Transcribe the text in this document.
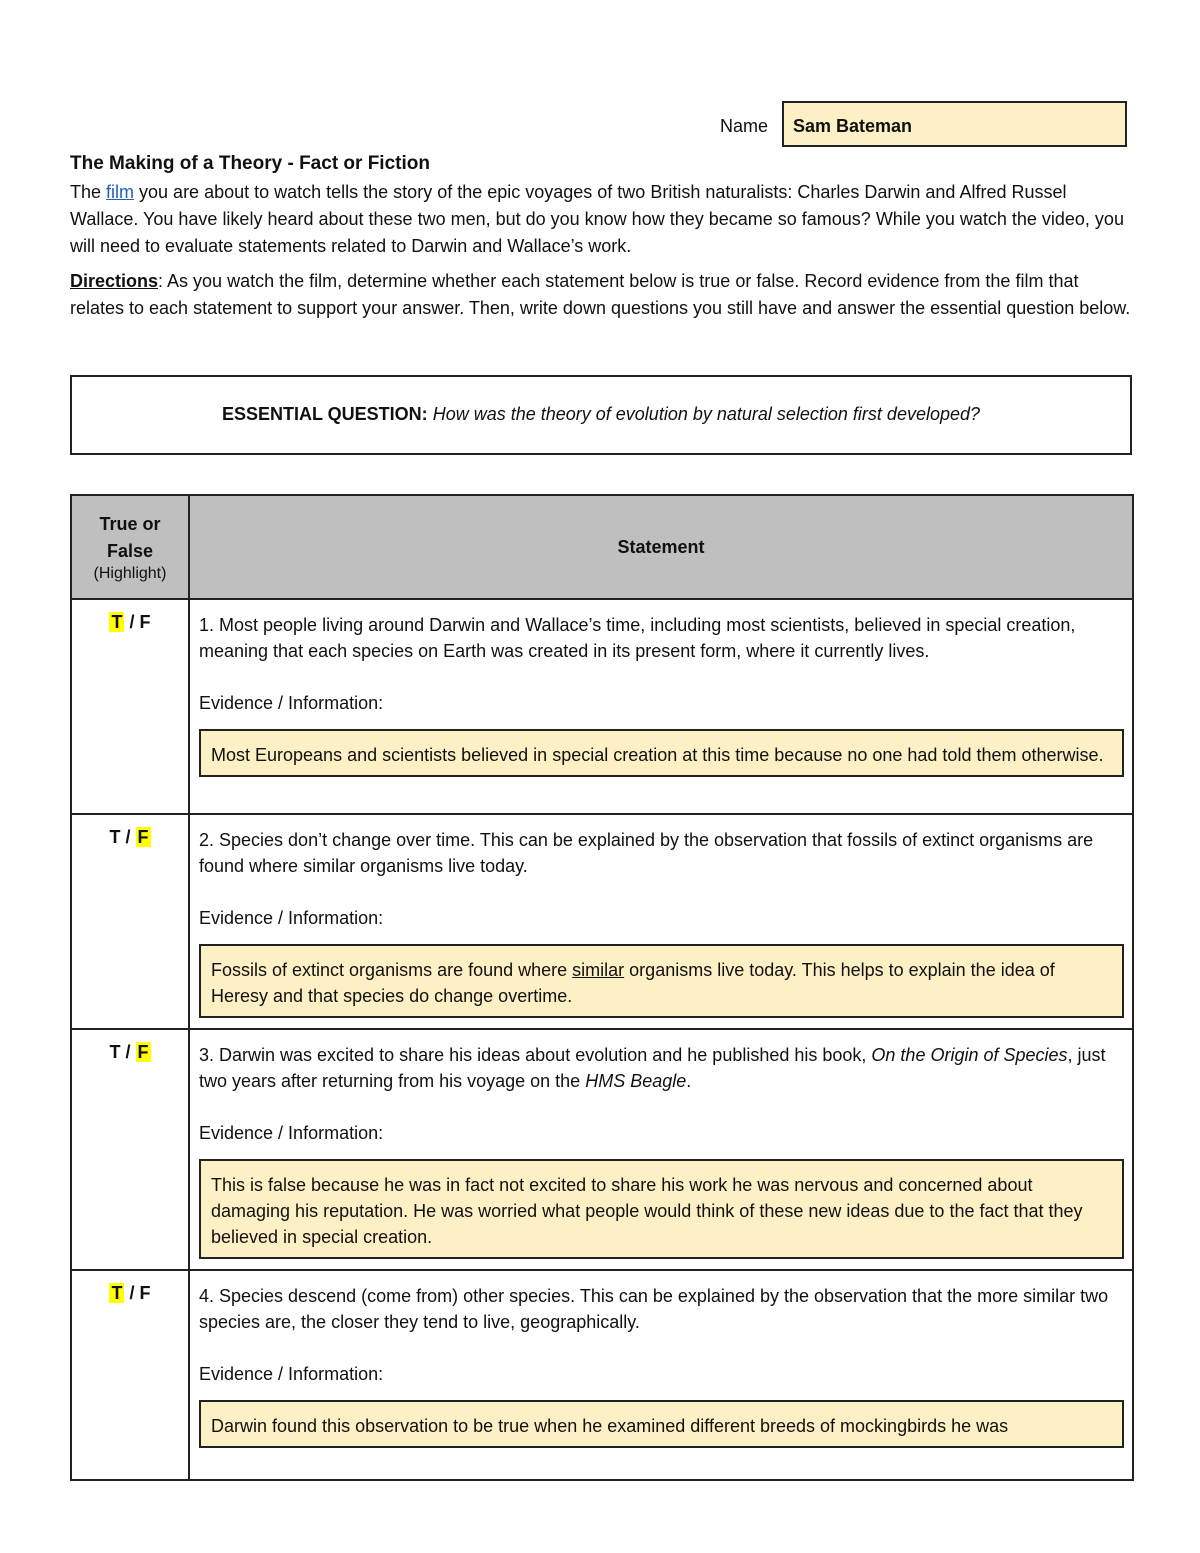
Name	Sam Bateman
The Making of a Theory - Fact or Fiction
The film you are about to watch tells the story of the epic voyages of two British naturalists: Charles Darwin and Alfred Russel Wallace. You have likely heard about these two men, but do you know how they became so famous? While you watch the video, you will need to evaluate statements related to Darwin and Wallace’s work.
Directions: As you watch the film, determine whether each statement below is true or false. Record evidence from the film that relates to each statement to support your answer. Then, write down questions you still have and answer the essential question below.
ESSENTIAL QUESTION: How was the theory of evolution by natural selection first developed?
True or
False
(Highlight)	Statement
T / F	1. Most people living around Darwin and Wallace’s time, including most scientists, believed in special creation, meaning that each species on Earth was created in its present form, where it currently lives.
Evidence / Information:
Most Europeans and scientists believed in special creation at this time because no one had told them otherwise.

T / F	2. Species don’t change over time. This can be explained by the observation that fossils of extinct organisms are found where similar organisms live today.
Evidence / Information:
Fossils of extinct organisms are found where similar organisms live today. This helps to explain the idea of Heresy and that species do change overtime.

T / F	3. Darwin was excited to share his ideas about evolution and he published his book, On the Origin of Species, just two years after returning from his voyage on the HMS Beagle.
Evidence / Information:
This is false because he was in fact not excited to share his work he was nervous and concerned about damaging his reputation. He was worried what people would think of these new ideas due to the fact that they believed in special creation.

T / F	4. Species descend (come from) other species. This can be explained by the observation that the more similar two species are, the closer they tend to live, geographically.
Evidence / Information:
Darwin found this observation to be true when he examined different breeds of mockingbirds he was
